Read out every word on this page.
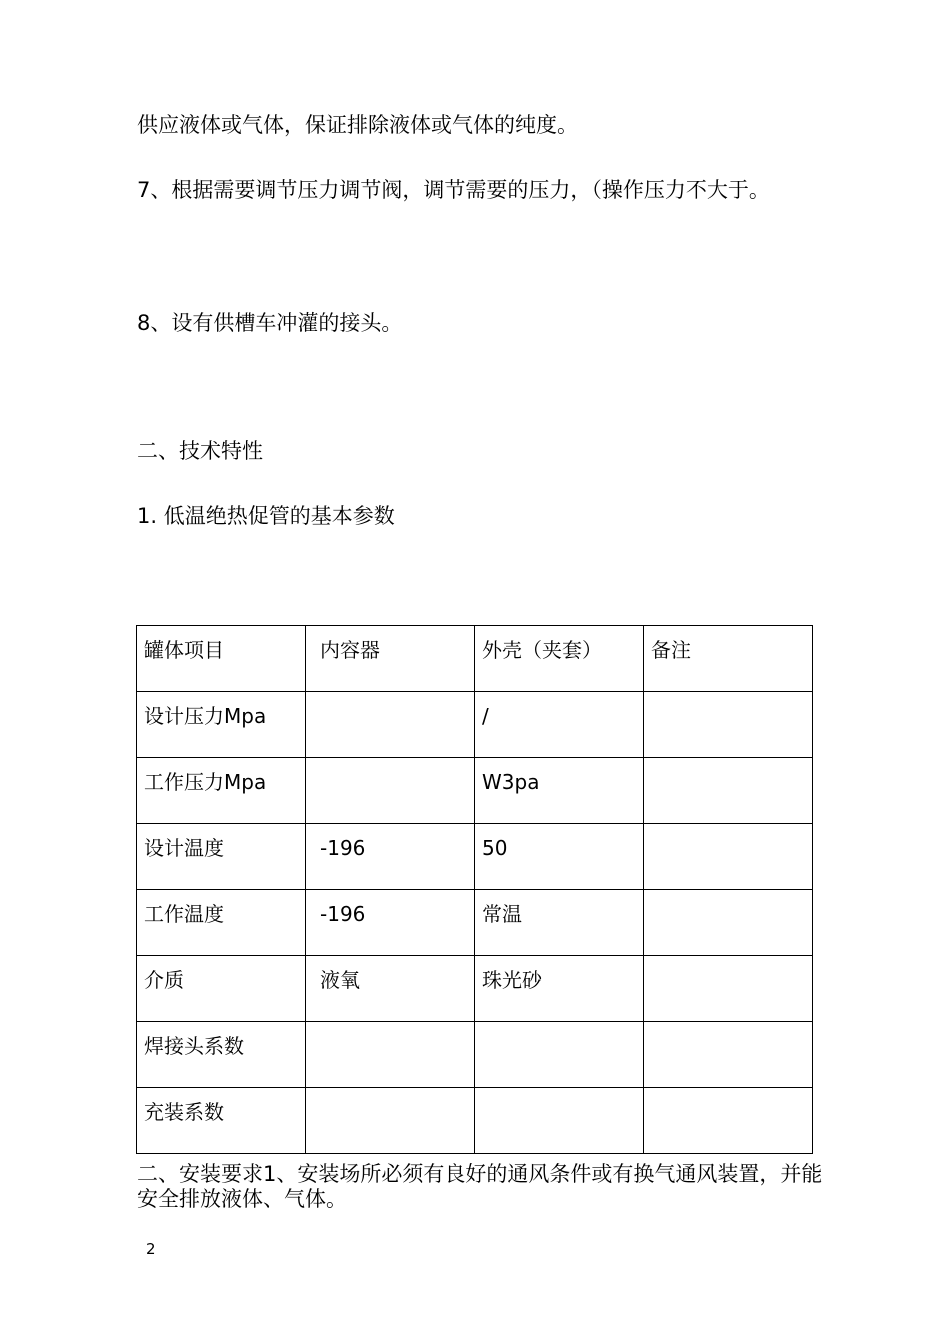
供应液体或气体，保证排除液体或气体的纯度。
7、根据需要调节压力调节阀，调节需要的压力，（操作压力不大于。
8、设有供槽车冲灌的接头。
二、技术特性
1. 低温绝热促管的基本参数
罐体项目	内容器	外壳（夹套）	备注
设计压力Mpa		/	
工作压力Mpa		W3pa	
设计温度	-196	50	
工作温度	-196	常温	
介质	液氧	珠光砂	
焊接头系数			
充装系数			
二、安装要求1、安装场所必须有良好的通风条件或有换气通风装置，并能安全排放液体、气体。
2
